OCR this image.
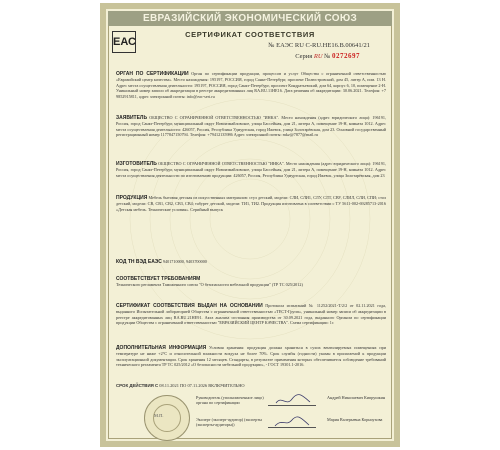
ЕВРАЗИЙСКИЙ ЭКОНОМИЧЕСКИЙ СОЮЗ
ЕАС
СЕРТИФИКАТ СООТВЕТСТВИЯ
№ ЕАЭС RU С-RU.НЕ16.В.00641/21
Серия RU № 0272697
ОРГАН ПО СЕРТИФИКАЦИИ Орган по сертификации продукции, процессов и услуг Общества с ограниченной ответственностью «Евразийский центр качества». Место нахождения: 195197, РОССИЯ, город Санкт-Петербург, проспект Полюстровский, дом 45, литер А, пом. 13 Н. Адрес места осуществления деятельности: 195197, РОССИЯ, город Санкт-Петербург, проспект Кондратьевский, дом 64, корпус 6, 10, помещение 2-Н. Уникальный номер записи об аккредитации в реестре аккредитованных лиц RA.RU.11НЕ16. Дата решения об аккредитации: 30.06.2021. Телефон: +7 9852915811, адрес электронной почты: info@eac-sert.ru
ЗАЯВИТЕЛЬ ОБЩЕСТВО С ОГРАНИЧЕННОЙ ОТВЕТСТВЕННОСТЬЮ "ИНКА". Место нахождения (адрес юридического лица): 196191, Россия, город Санкт-Петербург, муниципальный округ Новоизмайловское, улица Бассейная, дом 21, литера А, помещение 19-Н, комната 1012. Адрес места осуществления деятельности: 426057, Россия, Республика Удмуртская, город Ижевск, улица Золотарёвская, дом 23. Основной государственный регистрационный номер 1177847150794. Телефон: +79412135986 Адрес электронной почты: mkz@7877@mail.ru
ИЗГОТОВИТЕЛЬ ОБЩЕСТВО С ОГРАНИЧЕННОЙ ОТВЕТСТВЕННОСТЬЮ "ИНКА". Место нахождения (адрес юридического лица): 196191, Россия, город Санкт-Петербург, муниципальный округ Новоизмайловское, улица Бассейная, дом 21, литера А, помещение 19-Н, комната 1012. Адрес места осуществления деятельности по изготовлению продукции: 426057, Россия, Республика Удмуртская, город Ижевск, улица Золотарёвская, дом 23
ПРОДУКЦИЯ Мебель бытовая детская из искусственных материалов: стул детский, модели: СЛИ, СЛИ1, СЛУ, СЛТ, СВУ, СЛИЛ, СЛИ, СПИ; стол детский, модели: СВ, СВ1, СВ2, СВ3, СВ4; табурет детский, модели: ТИ1, ТИ2. Продукция изготовлена в соответствии с ТУ 5611-002-69285713-2016 «Детская мебель. Технические условия». Серийный выпуск
КОД ТН ВЭД ЕАЭС 9401710000, 9403700000
СООТВЕТСТВУЕТ ТРЕБОВАНИЯМ
Технического регламента Таможенного союза "О безопасности мебельной продукции" (ТР ТС 025/2012)
СЕРТИФИКАТ СООТВЕТСТВИЯ ВЫДАН НА ОСНОВАНИИ Протокола испытаний № 11252/2021-Т/2/2 от 02.11.2021 года, выданного Испытательной лабораторией Общества с ограниченной ответственностью «ТЕСТ-Групп», уникальный номер записи об аккредитации в реестре аккредитованных лиц RA.RU.21НЕ91. Акта анализа состояния производства от 30.09.2021 года, выданного Органом по сертификации продукции Общества с ограниченной ответственностью "ЕВРАЗИЙСКИЙ ЦЕНТР КАЧЕСТВА". Схема сертификации: 1с
ДОПОЛНИТЕЛЬНАЯ ИНФОРМАЦИЯ Условия хранения: продукция должна храниться в сухих вентилируемых помещениях при температуре не ниже +2°С и относительной влажности воздуха не более 70%. Срок службы (годности) указан в прилагаемой к продукции эксплуатационной документации. Срок хранения 12 месяцев. Стандарты, в результате применения которых обеспечивается соблюдение требований технического регламента ТР ТС 025/2012 «О безопасности мебельной продукции», - ГОСТ 19301.1-2016.
СРОК ДЕЙСТВИЯ С 08.11.2021 ПО 07.11.2026 ВКЛЮЧИТЕЛЬНО
М.П.
Руководитель (уполномоченное лицо) органа по сертификации Андрей Николаевич Кипрушкин
Эксперт (эксперт-аудитор) (эксперты (эксперты-аудиторы)) Мария Валерьевна Корноухова
